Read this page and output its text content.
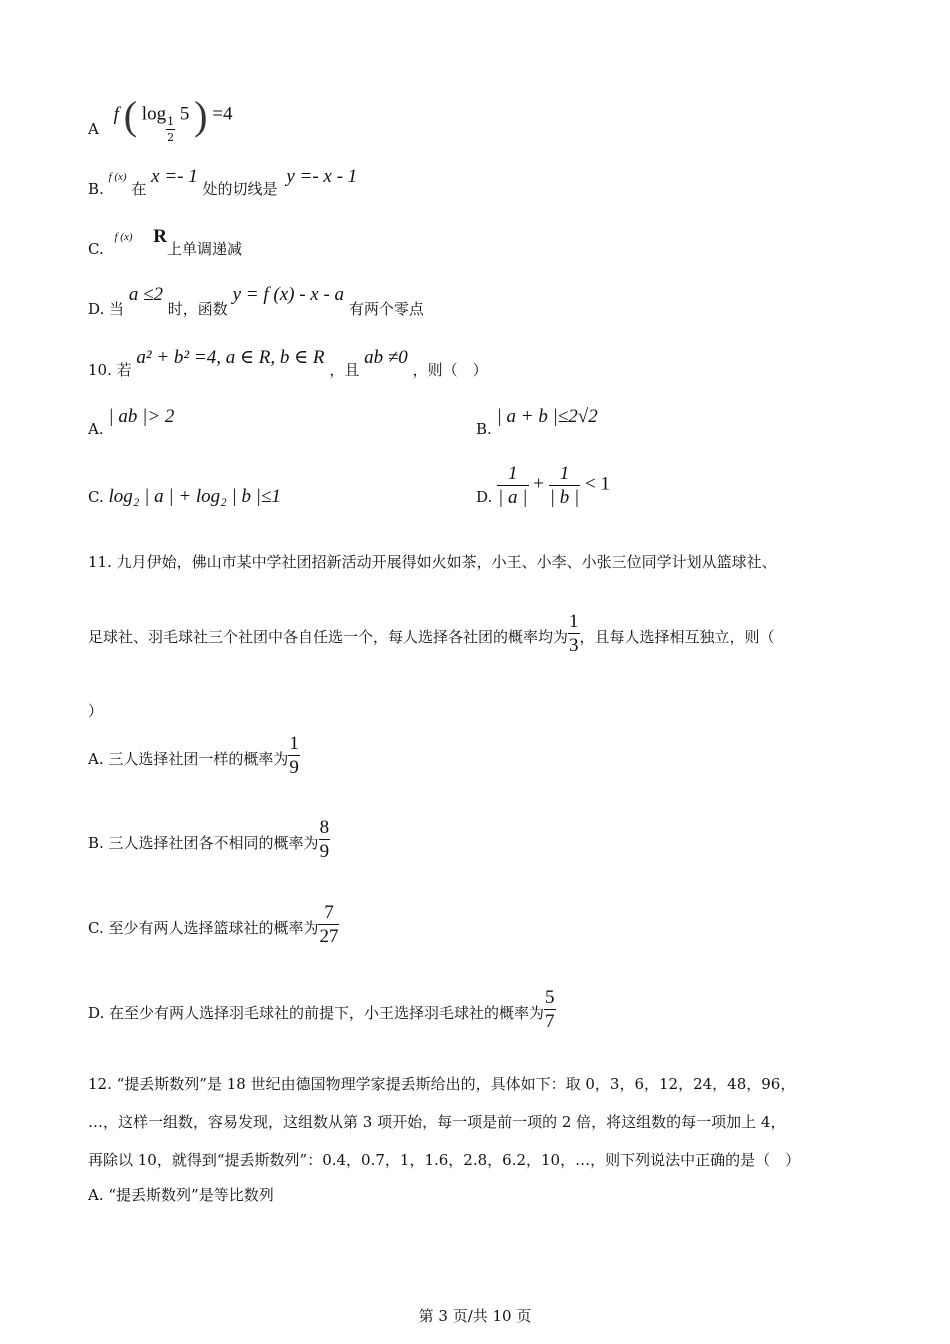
A f ( log
$\frac{1}{2}$
5 ) =4
B. f (x) 在 x =- 1 处的切线是 y =- x - 1
C. f (x) R上单调递减
D. 当 a ≤2 时，函数 y = f (x) - x - a 有两个零点
10. 若 a² + b² =4, a ∈ R, b ∈ R ，且 ab ≠0 ，则（　）
A. | ab |> 2
B. | a + b |≤2√2
C. log₂ | a | + log₂ | b |≤1	D. $\frac{1}{| a |} + \frac{1}{| b |} < 1$
11. 九月伊始，佛山市某中学社团招新活动开展得如火如茶，小王、小李、小张三位同学计划从篮球社、
足球社、羽毛球社三个社团中各自任选一个，每人选择各社团的概率均为 $\frac{1}{3}$ ，且每人选择相互独立，则（
）
A. 三人选择社团一样的概率为 $\frac{1}{9}$
B. 三人选择社团各不相同的概率为 $\frac{8}{9}$
C. 至少有两人选择篮球社的概率为 $\frac{7}{27}$
D. 在至少有两人选择羽毛球社的前提下，小王选择羽毛球社的概率为 $\frac{5}{7}$
12. “提丢斯数列”是 18 世纪由德国物理学家提丢斯给出的，具体如下：取 0，3，6，12，24，48，96，
…，这样一组数，容易发现，这组数从第 3 项开始，每一项是前一项的 2 倍，将这组数的每一项加上 4，
再除以 10，就得到“提丢斯数列”：0.4，0.7，1，1.6，2.8，6.2，10，…，则下列说法中正确的是（　）
A. “提丢斯数列”是等比数列
第 3 页/共 10 页
